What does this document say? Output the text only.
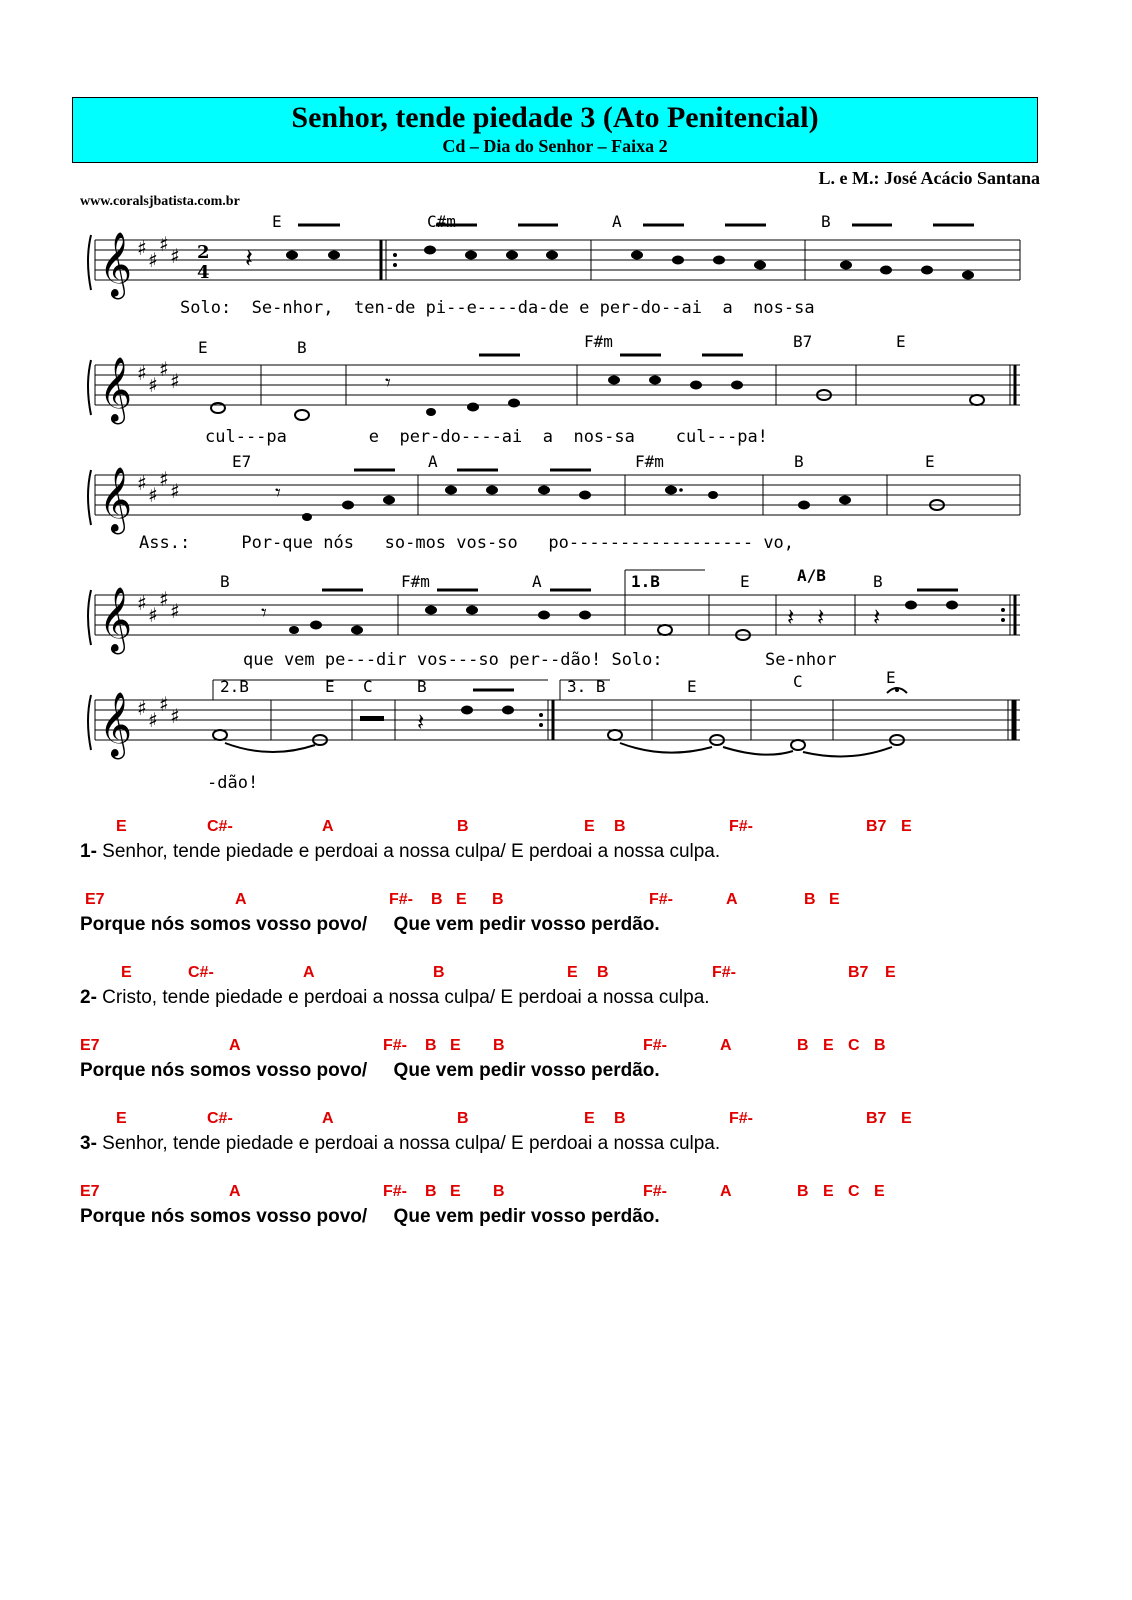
Senhor, tende piedade 3 (Ato Penitencial)
Cd – Dia do Senhor – Faixa 2
L. e M.: José Acácio Santana
www.coralsjbatista.com.br
𝄞 ♯ ♯
♯ ♯ 2
4 𝄽
E	C#m	A	B
Solo:  Se-nhor,  ten-de pi--e----da-de e per-do--ai  a  nos-sa
𝄞 ♯ ♯
♯ ♯	𝄾
E	B	F#m	B7	E
cul---pa        e  per-do----ai  a  nos-sa    cul---pa!
𝄞 ♯ ♯
♯ ♯	𝄾
E7	A	F#m	B	E
Ass.:     Por-que nós   so-mos vos-so   po------------------ vo,
𝄞 ♯ ♯
♯ ♯	𝄾	𝄽 𝄽 𝄽
B	F#m	A	1.B	E	A/B	B
que vem pe---dir vos---so per--dão! Solo:          Se-nhor
𝄞 ♯ ♯
♯ ♯	𝄽
2.B	E C	B	3. B	E	C	E
-dão!
E	C#-	A	B	E B	F#-	B7 E
1- Senhor, tende piedade e perdoai a nossa culpa/ E perdoai a nossa culpa.
E7	A	F#- B E B	F#-	A	B E
Porque nós somos vosso povo/     Que vem pedir vosso perdão.
E	C#-	A	B	E B	F#-	B7 E
2- Cristo, tende piedade e perdoai a nossa culpa/ E perdoai a nossa culpa.
E7	A	F#- B E B	F#-	A	B E C B
Porque nós somos vosso povo/     Que vem pedir vosso perdão.
E	C#-	A	B	E B	F#-	B7 E
3- Senhor, tende piedade e perdoai a nossa culpa/ E perdoai a nossa culpa.
E7	A	F#- B E B	F#-	A	B E C E
Porque nós somos vosso povo/     Que vem pedir vosso perdão.
